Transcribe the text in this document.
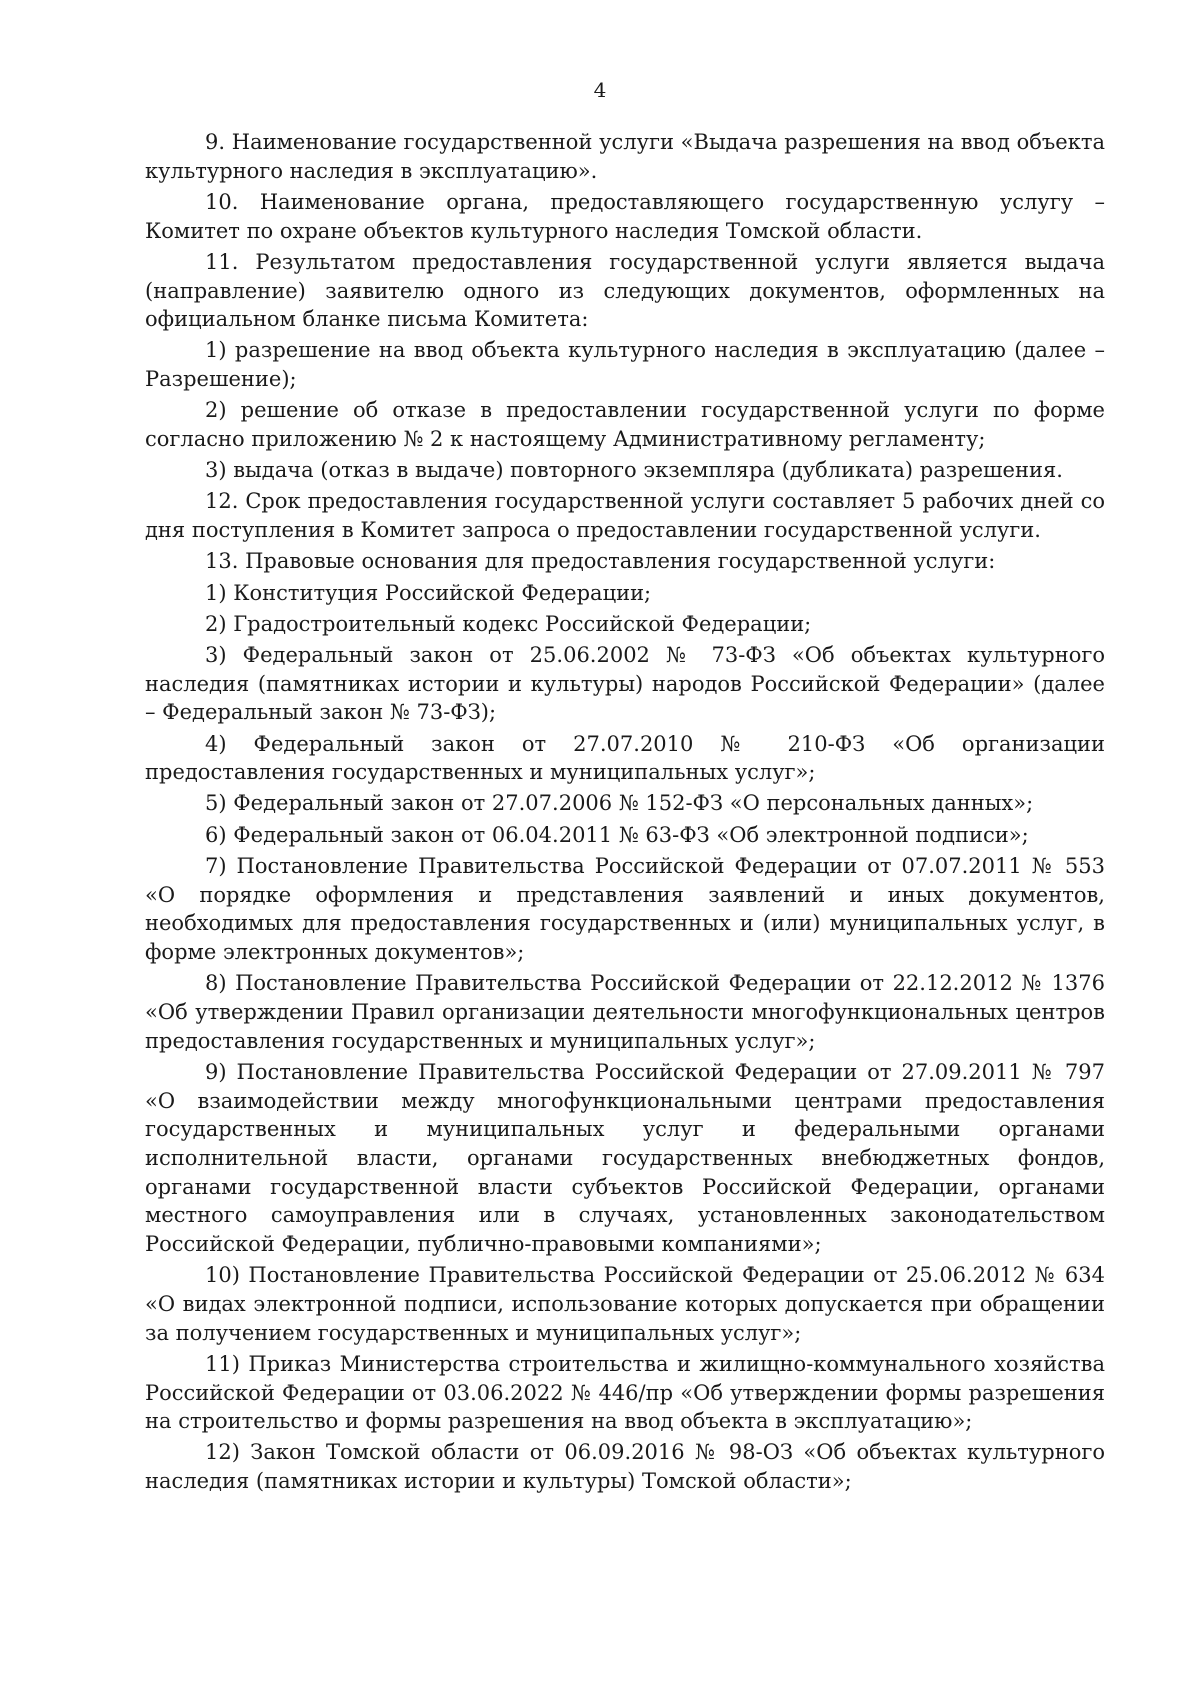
4

9. Наименование государственной услуги «Выдача разрешения на ввод объекта культурного наследия в эксплуатацию».

10. Наименование органа, предоставляющего государственную услугу – Комитет по охране объектов культурного наследия Томской области.

11. Результатом предоставления государственной услуги является выдача (направление) заявителю одного из следующих документов, оформленных на официальном бланке письма Комитета:

1) разрешение на ввод объекта культурного наследия в эксплуатацию (далее – Разрешение);

2) решение об отказе в предоставлении государственной услуги по форме согласно приложению № 2 к настоящему Административному регламенту;

3) выдача (отказ в выдаче) повторного экземпляра (дубликата) разрешения.

12. Срок предоставления государственной услуги составляет 5 рабочих дней со дня поступления в Комитет запроса о предоставлении государственной услуги.

13. Правовые основания для предоставления государственной услуги:

1) Конституция Российской Федерации;

2) Градостроительный кодекс Российской Федерации;

3) Федеральный закон от 25.06.2002 № 73-ФЗ «Об объектах культурного наследия (памятниках истории и культуры) народов Российской Федерации» (далее – Федеральный закон № 73-ФЗ);

4) Федеральный закон от 27.07.2010 № 210-ФЗ «Об организации предоставления государственных и муниципальных услуг»;

5) Федеральный закон от 27.07.2006 № 152-ФЗ «О персональных данных»;

6) Федеральный закон от 06.04.2011 № 63-ФЗ «Об электронной подписи»;

7) Постановление Правительства Российской Федерации от 07.07.2011 № 553 «О порядке оформления и представления заявлений и иных документов, необходимых для предоставления государственных и (или) муниципальных услуг, в форме электронных документов»;

8) Постановление Правительства Российской Федерации от 22.12.2012 № 1376 «Об утверждении Правил организации деятельности многофункциональных центров предоставления государственных и муниципальных услуг»;

9) Постановление Правительства Российской Федерации от 27.09.2011 № 797 «О взаимодействии между многофункциональными центрами предоставления государственных и муниципальных услуг и федеральными органами исполнительной власти, органами государственных внебюджетных фондов, органами государственной власти субъектов Российской Федерации, органами местного самоуправления или в случаях, установленных законодательством Российской Федерации, публично-правовыми компаниями»;

10) Постановление Правительства Российской Федерации от 25.06.2012 № 634 «О видах электронной подписи, использование которых допускается при обращении за получением государственных и муниципальных услуг»;

11) Приказ Министерства строительства и жилищно-коммунального хозяйства Российской Федерации от 03.06.2022 № 446/пр «Об утверждении формы разрешения на строительство и формы разрешения на ввод объекта в эксплуатацию»;

12) Закон Томской области от 06.09.2016 № 98-ОЗ «Об объектах культурного наследия (памятниках истории и культуры) Томской области»;
